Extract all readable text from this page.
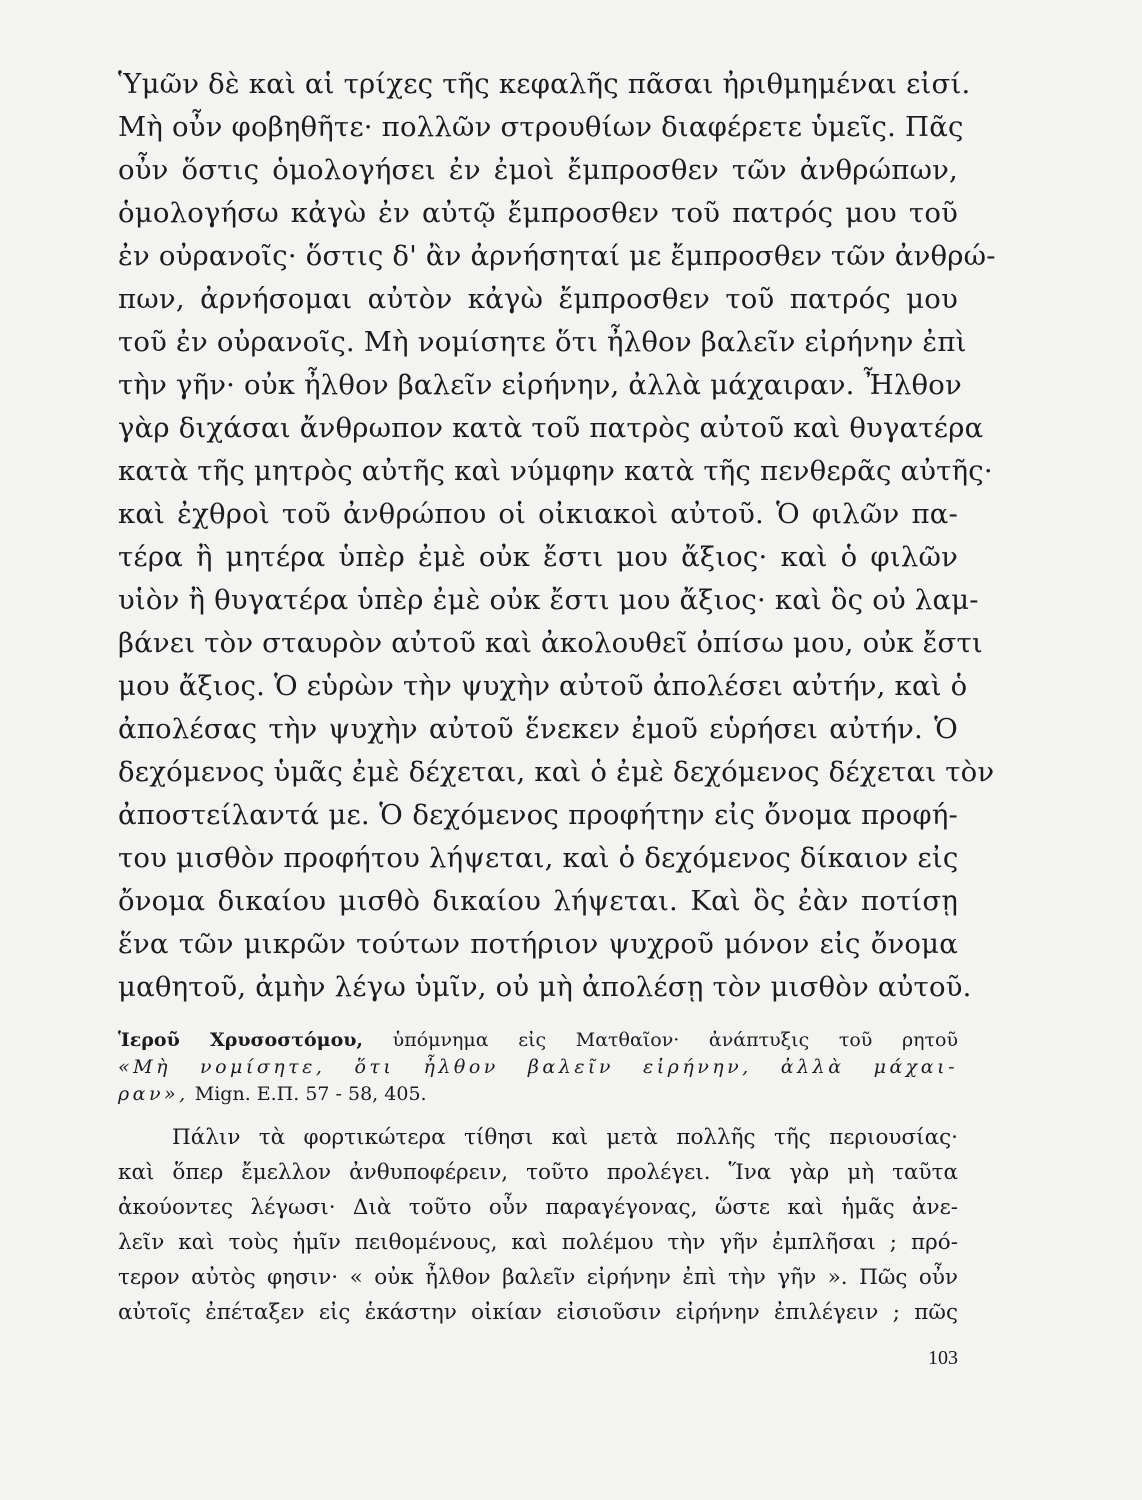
Ὑμῶν δὲ καὶ αἱ τρίχες τῆς κεφαλῆς πᾶσαι ἠριθμημέναι εἰσί.
Μὴ οὖν φοβηθῆτε· πολλῶν στρουθίων διαφέρετε ὑμεῖς. Πᾶς
οὖν ὅστις ὁμολογήσει ἐν ἐμοὶ ἔμπροσθεν τῶν ἀνθρώπων,
ὁμολογήσω κἀγὼ ἐν αὐτῷ ἔμπροσθεν τοῦ πατρός μου τοῦ
ἐν οὐρανοῖς· ὅστις δ' ἂν ἀρνήσηταί με ἔμπροσθεν τῶν ἀνθρώ-
πων, ἀρνήσομαι αὐτὸν κἀγὼ ἔμπροσθεν τοῦ πατρός μου
τοῦ ἐν οὐρανοῖς. Μὴ νομίσητε ὅτι ἦλθον βαλεῖν εἰρήνην ἐπὶ
τὴν γῆν· οὐκ ἦλθον βαλεῖν εἰρήνην, ἀλλὰ μάχαιραν. Ἦλθον
γὰρ διχάσαι ἄνθρωπον κατὰ τοῦ πατρὸς αὐτοῦ καὶ θυγατέρα
κατὰ τῆς μητρὸς αὐτῆς καὶ νύμφην κατὰ τῆς πενθερᾶς αὐτῆς·
καὶ ἐχθροὶ τοῦ ἀνθρώπου οἱ οἰκιακοὶ αὐτοῦ. Ὁ φιλῶν πα-
τέρα ἢ μητέρα ὑπὲρ ἐμὲ οὐκ ἔστι μου ἄξιος· καὶ ὁ φιλῶν
υἱὸν ἢ θυγατέρα ὑπὲρ ἐμὲ οὐκ ἔστι μου ἄξιος· καὶ ὃς οὐ λαμ-
βάνει τὸν σταυρὸν αὐτοῦ καὶ ἀκολουθεῖ ὀπίσω μου, οὐκ ἔστι
μου ἄξιος. Ὁ εὑρὼν τὴν ψυχὴν αὐτοῦ ἀπολέσει αὐτήν, καὶ ὁ
ἀπολέσας τὴν ψυχὴν αὐτοῦ ἕνεκεν ἐμοῦ εὑρήσει αὐτήν. Ὁ
δεχόμενος ὑμᾶς ἐμὲ δέχεται, καὶ ὁ ἐμὲ δεχόμενος δέχεται τὸν
ἀποστείλαντά με. Ὁ δεχόμενος προφήτην εἰς ὄνομα προφή-
του μισθὸν προφήτου λήψεται, καὶ ὁ δεχόμενος δίκαιον εἰς
ὄνομα δικαίου μισθὸ δικαίου λήψεται. Καὶ ὃς ἐὰν ποτίσῃ
ἕνα τῶν μικρῶν τούτων ποτήριον ψυχροῦ μόνον εἰς ὄνομα
μαθητοῦ, ἀμὴν λέγω ὑμῖν, οὐ μὴ ἀπολέσῃ τὸν μισθὸν αὐτοῦ.
Ἱεροῦ Χρυσοστόμου, ὑπόμνημα εἰς Ματθαῖον· ἀνάπτυξις τοῦ ρητοῦ
«Μὴ νομίσητε, ὅτι ἦλθον βαλεῖν εἰρήνην, ἀλλὰ μάχαι-
ραν», Mign. Ε.Π. 57 - 58, 405.
Πάλιν τὰ φορτικώτερα τίθησι καὶ μετὰ πολλῆς τῆς περιουσίας·
καὶ ὅπερ ἔμελλον ἀνθυποφέρειν, τοῦτο προλέγει. Ἵνα γὰρ μὴ ταῦτα
ἀκούοντες λέγωσι· Διὰ τοῦτο οὖν παραγέγονας, ὥστε καὶ ἡμᾶς ἀνε-
λεῖν καὶ τοὺς ἡμῖν πειθομένους, καὶ πολέμου τὴν γῆν ἐμπλῆσαι ; πρό-
τερον αὐτὸς φησιν· « οὐκ ἦλθον βαλεῖν εἰρήνην ἐπὶ τὴν γῆν ». Πῶς οὖν
αὐτοῖς ἐπέταξεν εἰς ἑκάστην οἰκίαν εἰσιοῦσιν εἰρήνην ἐπιλέγειν ; πῶς
103
